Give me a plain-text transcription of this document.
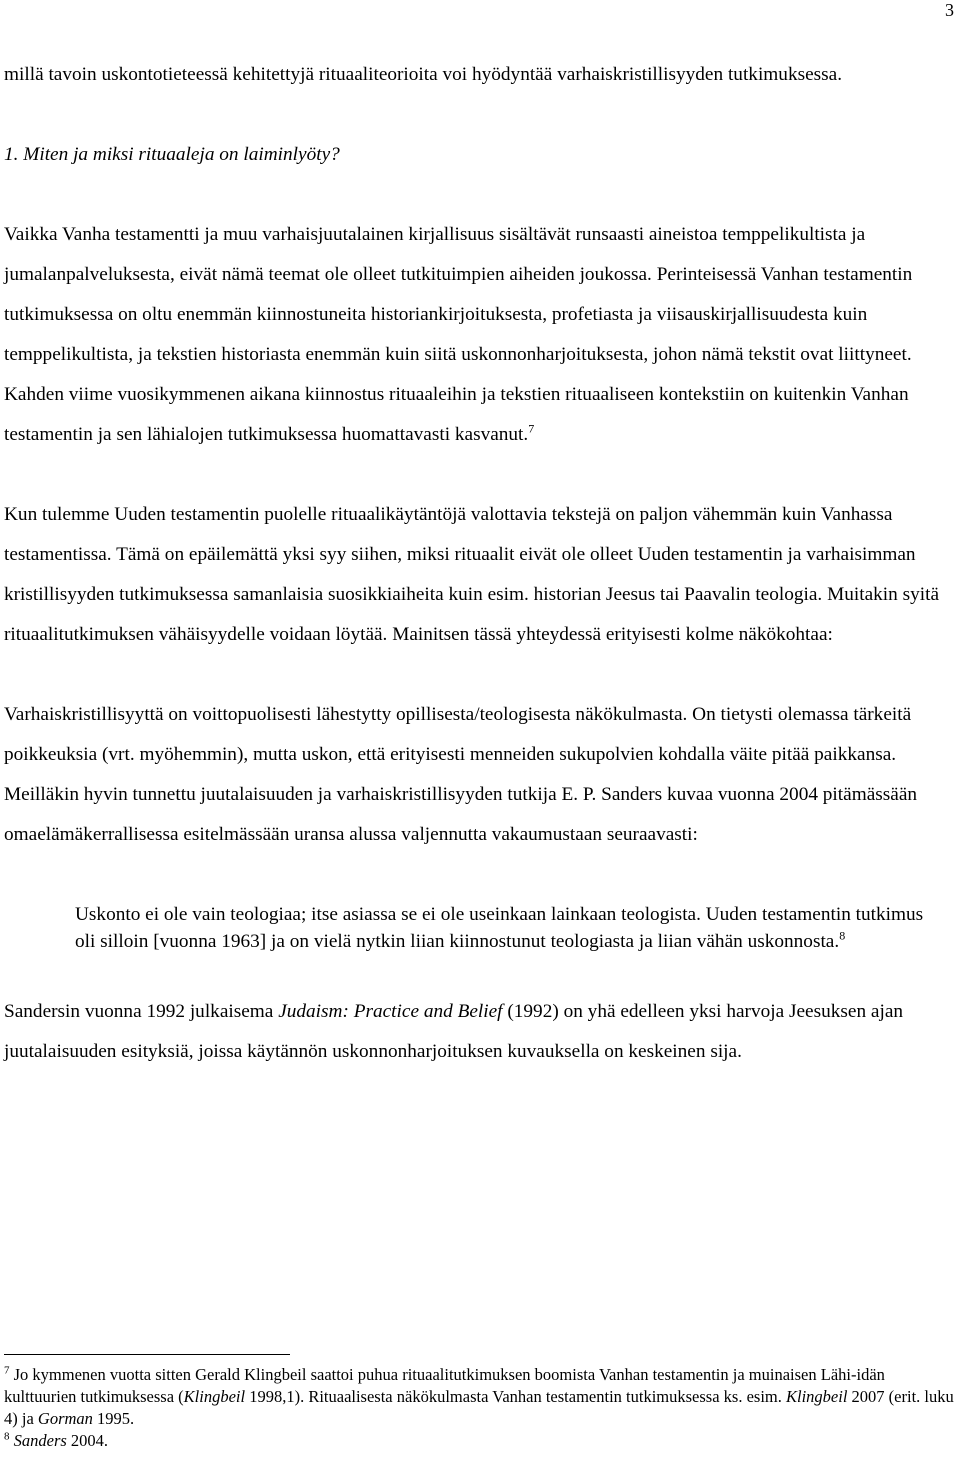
3

millä tavoin uskontotieteessä kehitettyjä rituaaliteorioita voi hyödyntää varhaiskristillisyyden tutkimuksessa.

1. Miten ja miksi rituaaleja on laiminlyöty?

Vaikka Vanha testamentti ja muu varhaisjuutalainen kirjallisuus sisältävät runsaasti aineistoa temppelikultista ja jumalanpalveluksesta, eivät nämä teemat ole olleet tutkituimpien aiheiden joukossa. Perinteisessä Vanhan testamentin tutkimuksessa on oltu enemmän kiinnostuneita historiankirjoituksesta, profetiasta ja viisauskirjallisuudesta kuin temppelikultista, ja tekstien historiasta enemmän kuin siitä uskonnonharjoituksesta, johon nämä tekstit ovat liittyneet. Kahden viime vuosikymmenen aikana kiinnostus rituaaleihin ja tekstien rituaaliseen kontekstiin on kuitenkin Vanhan testamentin ja sen lähialojen tutkimuksessa huomattavasti kasvanut.$^7$

Kun tulemme Uuden testamentin puolelle rituaalikäytäntöjä valottavia tekstejä on paljon vähemmän kuin Vanhassa testamentissa. Tämä on epäilemättä yksi syy siihen, miksi rituaalit eivät ole olleet Uuden testamentin ja varhaisimman kristillisyyden tutkimuksessa samanlaisia suosikkiaiheita kuin esim. historian Jeesus tai Paavalin teologia. Muitakin syitä rituaalitutkimuksen vähäisyydelle voidaan löytää. Mainitsen tässä yhteydessä erityisesti kolme näkökohtaa:

Varhaiskristillisyyttä on voittopuolisesti lähestytty opillisesta/teologisesta näkökulmasta. On tietysti olemassa tärkeitä poikkeuksia (vrt. myöhemmin), mutta uskon, että erityisesti menneiden sukupolvien kohdalla väite pitää paikkansa. Meilläkin hyvin tunnettu juutalaisuuden ja varhaiskristillisyyden tutkija E. P. Sanders kuvaa vuonna 2004 pitämässään omaelämäkerrallisessa esitelmässään uransa alussa valjennutta vakaumustaan seuraavasti:

Uskonto ei ole vain teologiaa; itse asiassa se ei ole useinkaan lainkaan teologista. Uuden testamentin tutkimus oli silloin [vuonna 1963] ja on vielä nytkin liian kiinnostunut teologiasta ja liian vähän uskonnosta.$^8$

Sandersin vuonna 1992 julkaisema Judaism: Practice and Belief (1992) on yhä edelleen yksi harvoja Jeesuksen ajan juutalaisuuden esityksiä, joissa käytännön uskonnonharjoituksen kuvauksella on keskeinen sija.

$^7$ Jo kymmenen vuotta sitten Gerald Klingbeil saattoi puhua rituaalitutkimuksen boomista Vanhan testamentin ja muinaisen Lähi-idän kulttuurien tutkimuksessa (Klingbeil 1998,1). Rituaalisesta näkökulmasta Vanhan testamentin tutkimuksessa ks. esim. Klingbeil 2007 (erit. luku 4) ja Gorman 1995.
$^8$ Sanders 2004.
